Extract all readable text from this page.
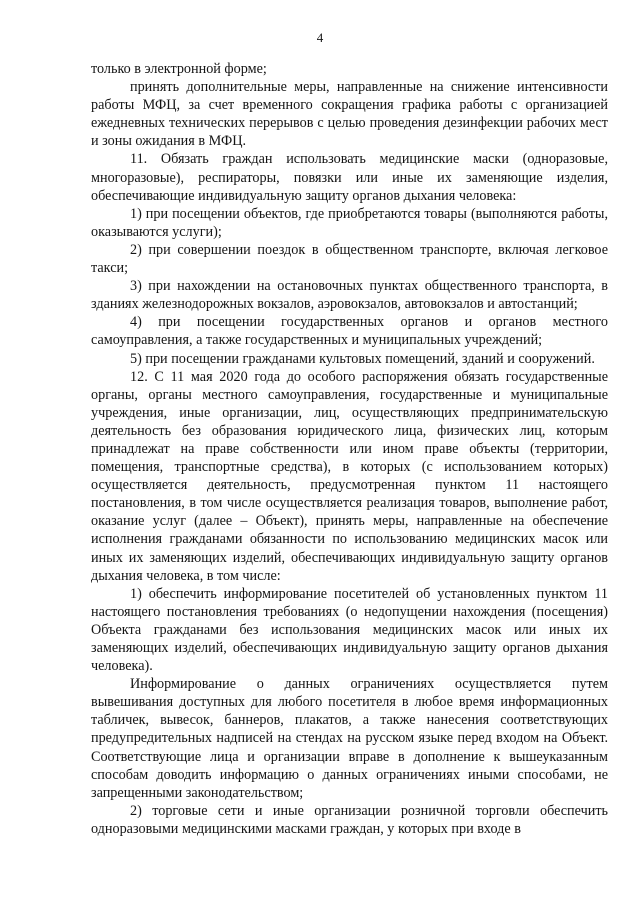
4

только в электронной форме;

принять дополнительные меры, направленные на снижение интенсивности работы МФЦ, за счет временного сокращения графика работы с организацией ежедневных технических перерывов с целью проведения дезинфекции рабочих мест и зоны ожидания в МФЦ.

11. Обязать граждан использовать медицинские маски (одноразовые, многоразовые), респираторы, повязки или иные их заменяющие изделия, обеспечивающие индивидуальную защиту органов дыхания человека:

1) при посещении объектов, где приобретаются товары (выполняются работы, оказываются услуги);

2) при совершении поездок в общественном транспорте, включая легковое такси;

3) при нахождении на остановочных пунктах общественного транспорта, в зданиях железнодорожных вокзалов, аэровокзалов, автовокзалов и автостанций;

4) при посещении государственных органов и органов местного самоуправления, а также государственных и муниципальных учреждений;

5) при посещении гражданами культовых помещений, зданий и сооружений.

12. С 11 мая 2020 года до особого распоряжения обязать государственные органы, органы местного самоуправления, государственные и муниципальные учреждения, иные организации, лиц, осуществляющих предпринимательскую деятельность без образования юридического лица, физических лиц, которым принадлежат на праве собственности или ином праве объекты (территории, помещения, транспортные средства), в которых (с использованием которых) осуществляется деятельность, предусмотренная пунктом 11 настоящего постановления, в том числе осуществляется реализация товаров, выполнение работ, оказание услуг (далее – Объект), принять меры, направленные на обеспечение исполнения гражданами обязанности по использованию медицинских масок или иных их заменяющих изделий, обеспечивающих индивидуальную защиту органов дыхания человека, в том числе:

1) обеспечить информирование посетителей об установленных пунктом 11 настоящего постановления требованиях (о недопущении нахождения (посещения) Объекта гражданами без использования медицинских масок или иных их заменяющих изделий, обеспечивающих индивидуальную защиту органов дыхания человека).

Информирование о данных ограничениях осуществляется путем вывешивания доступных для любого посетителя в любое время информационных табличек, вывесок, баннеров, плакатов, а также нанесения соответствующих предупредительных надписей на стендах на русском языке перед входом на Объект. Соответствующие лица и организации вправе в дополнение к вышеуказанным способам доводить информацию о данных ограничениях иными способами, не запрещенными законодательством;

2) торговые сети и иные организации розничной торговли обеспечить одноразовыми медицинскими масками граждан, у которых при входе в
